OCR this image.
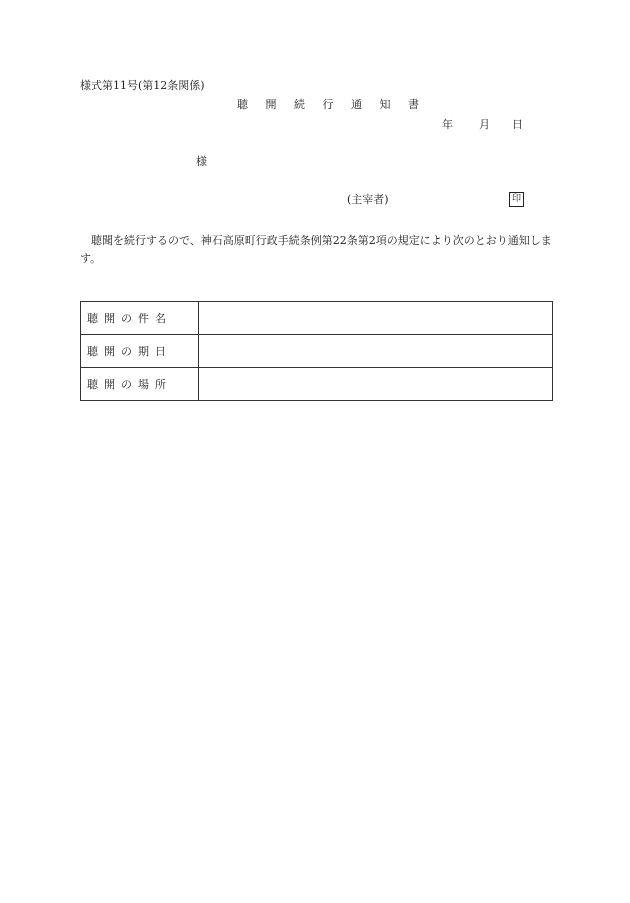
様式第11号(第12条関係)
聴 開 続 行 通 知 書
年 月 日
様
(主宰者)	印
聴聞を続行するので、神石高原町行政手続条例第22条第2項の規定により次のとおり通知します。
聴開の件名	
聴開の期日	
聴開の場所	
